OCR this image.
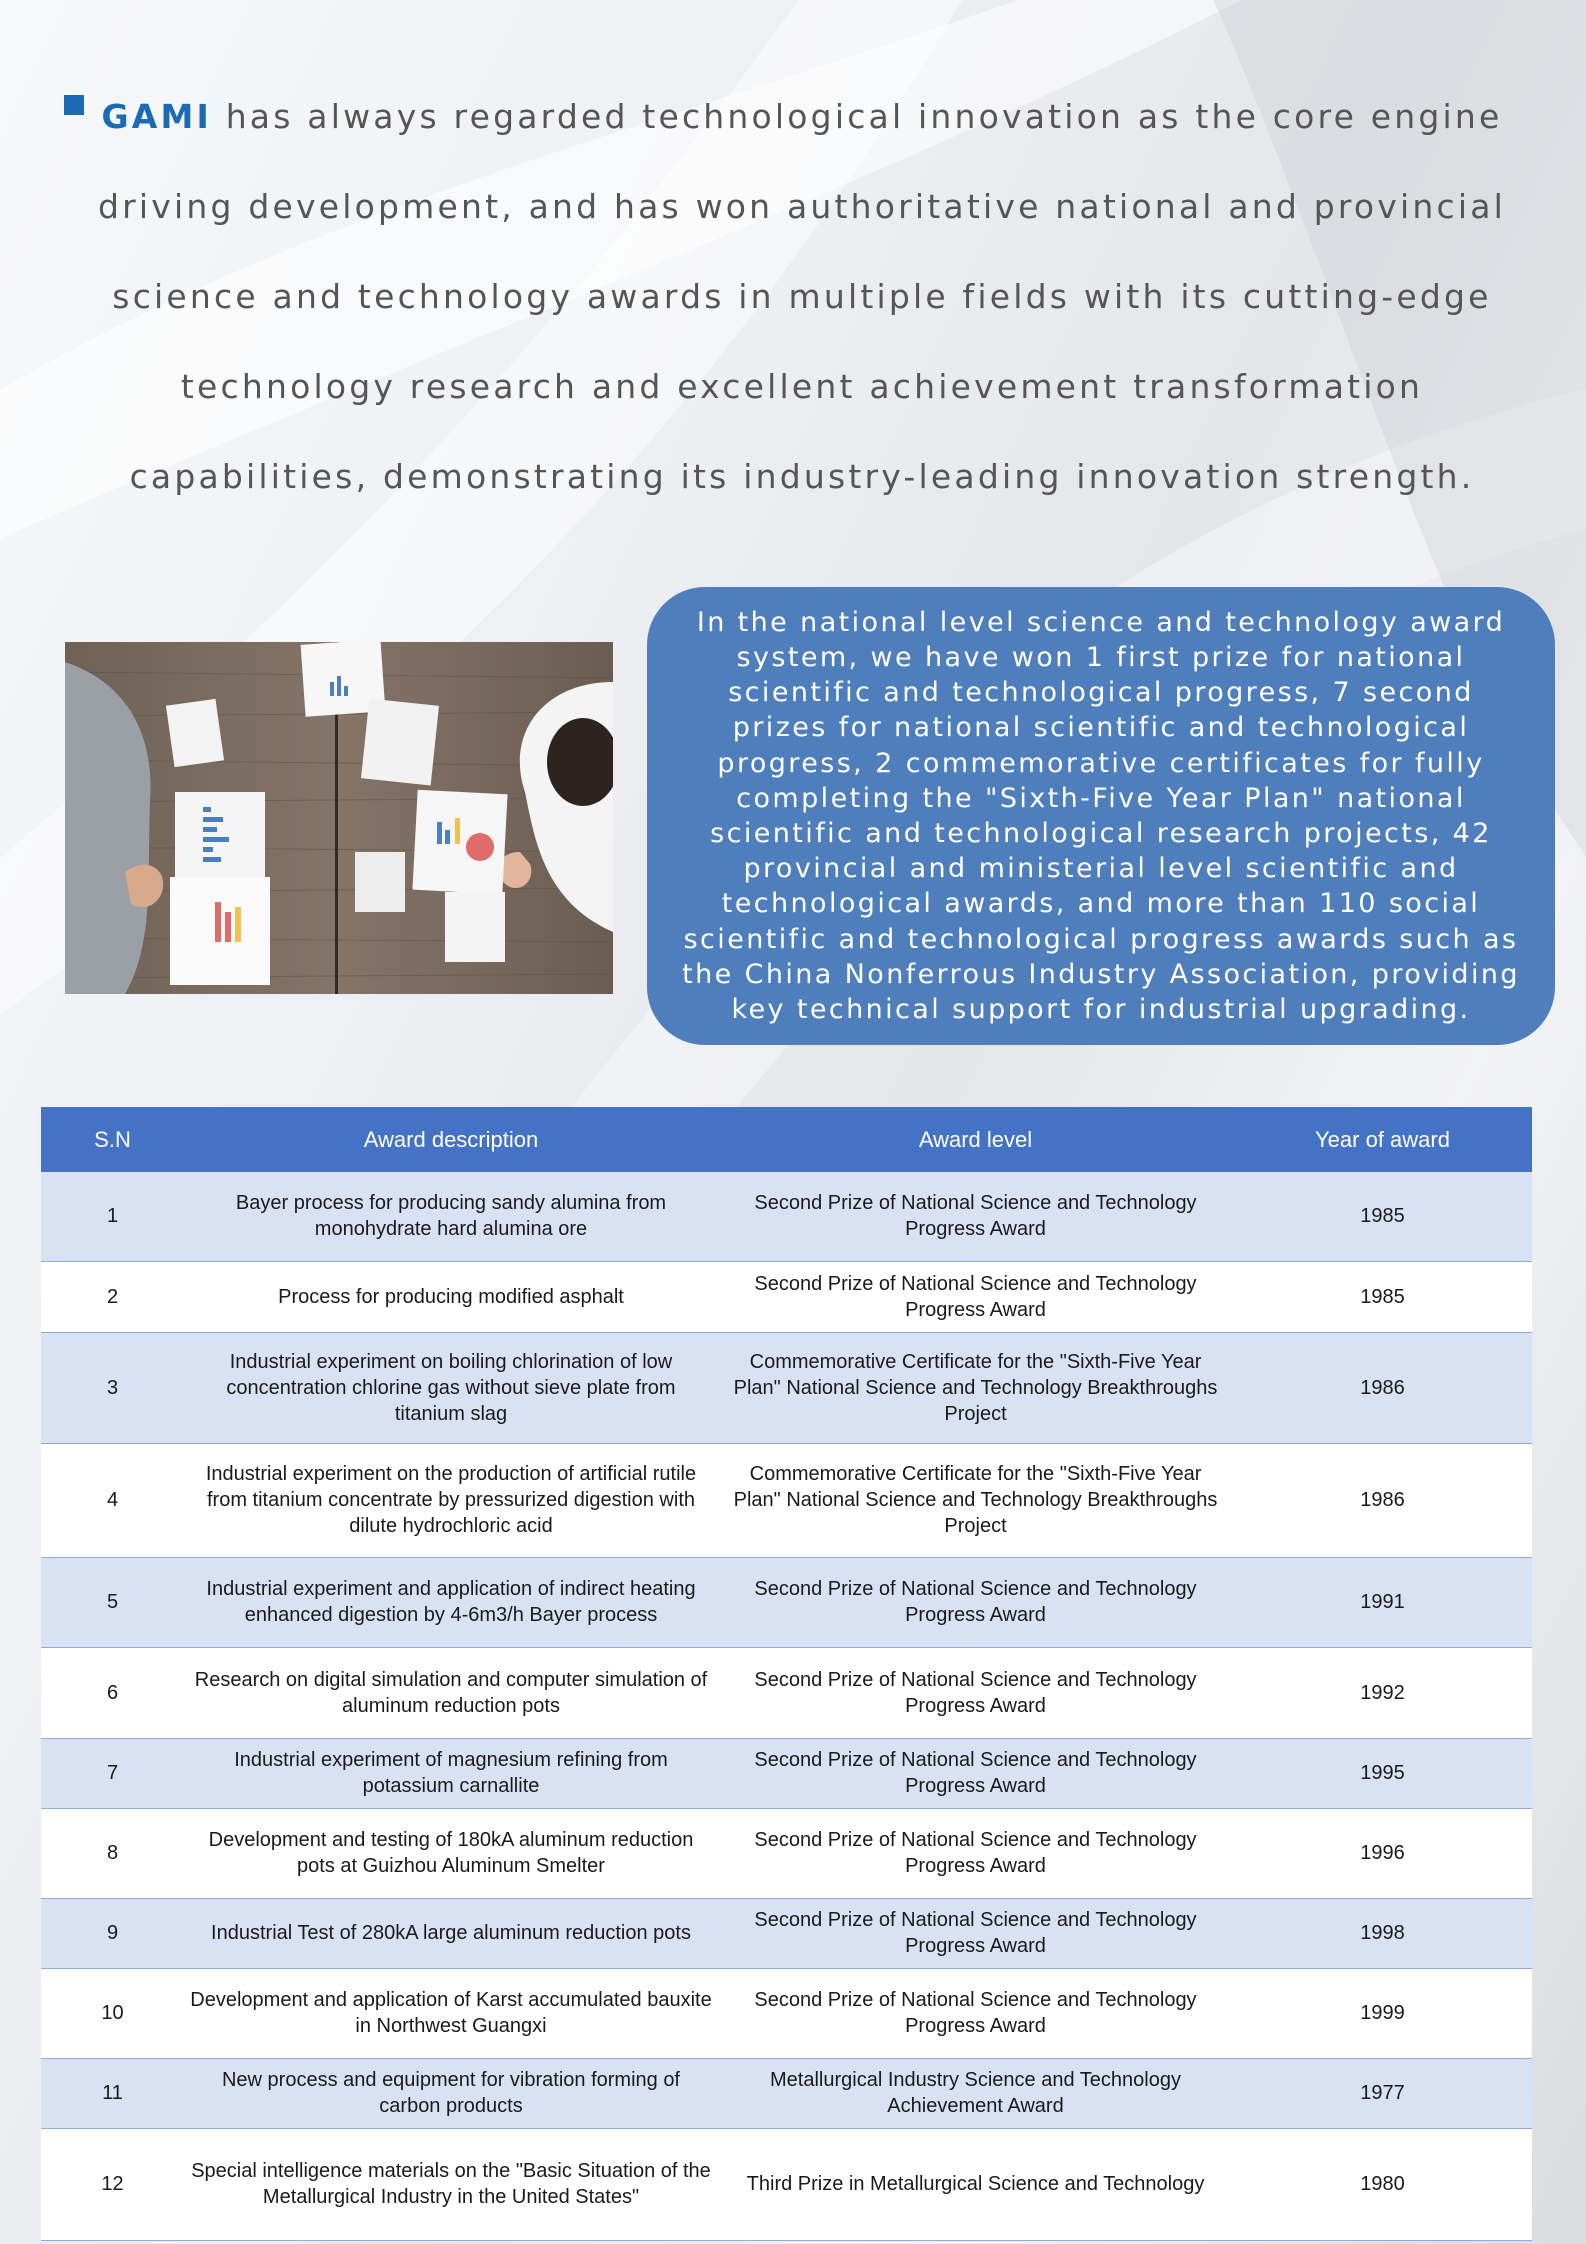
GAMI has always regarded technological innovation as the core engine driving development, and has won authoritative national and provincial science and technology awards in multiple fields with its cutting-edge technology research and excellent achievement transformation capabilities, demonstrating its industry-leading innovation strength.

In the national level science and technology award system, we have won 1 first prize for national scientific and technological progress, 7 second prizes for national scientific and technological progress, 2 commemorative certificates for fully completing the "Sixth-Five Year Plan" national scientific and technological research projects, 42 provincial and ministerial level scientific and technological awards, and more than 110 social scientific and technological progress awards such as the China Nonferrous Industry Association, providing key technical support for industrial upgrading.

S.N	Award description	Award level	Year of award
1	Bayer process for producing sandy alumina from monohydrate hard alumina ore	Second Prize of National Science and Technology Progress Award	1985
2	Process for producing modified asphalt	Second Prize of National Science and Technology Progress Award	1985
3	Industrial experiment on boiling chlorination of low concentration chlorine gas without sieve plate from titanium slag	Commemorative Certificate for the "Sixth-Five Year Plan" National Science and Technology Breakthroughs Project	1986
4	Industrial experiment on the production of artificial rutile from titanium concentrate by pressurized digestion with dilute hydrochloric acid	Commemorative Certificate for the "Sixth-Five Year Plan" National Science and Technology Breakthroughs Project	1986
5	Industrial experiment and application of indirect heating enhanced digestion by 4-6m3/h Bayer process	Second Prize of National Science and Technology Progress Award	1991
6	Research on digital simulation and computer simulation of aluminum reduction pots	Second Prize of National Science and Technology Progress Award	1992
7	Industrial experiment of magnesium refining from potassium carnallite	Second Prize of National Science and Technology Progress Award	1995
8	Development and testing of 180kA aluminum reduction pots at Guizhou Aluminum Smelter	Second Prize of National Science and Technology Progress Award	1996
9	Industrial Test of 280kA large aluminum reduction pots	Second Prize of National Science and Technology Progress Award	1998
10	Development and application of Karst accumulated bauxite in Northwest Guangxi	Second Prize of National Science and Technology Progress Award	1999
11	New process and equipment for vibration forming of carbon products	Metallurgical Industry Science and Technology Achievement Award	1977
12	Special intelligence materials on the "Basic Situation of the Metallurgical Industry in the United States"	Third Prize in Metallurgical Science and Technology	1980
